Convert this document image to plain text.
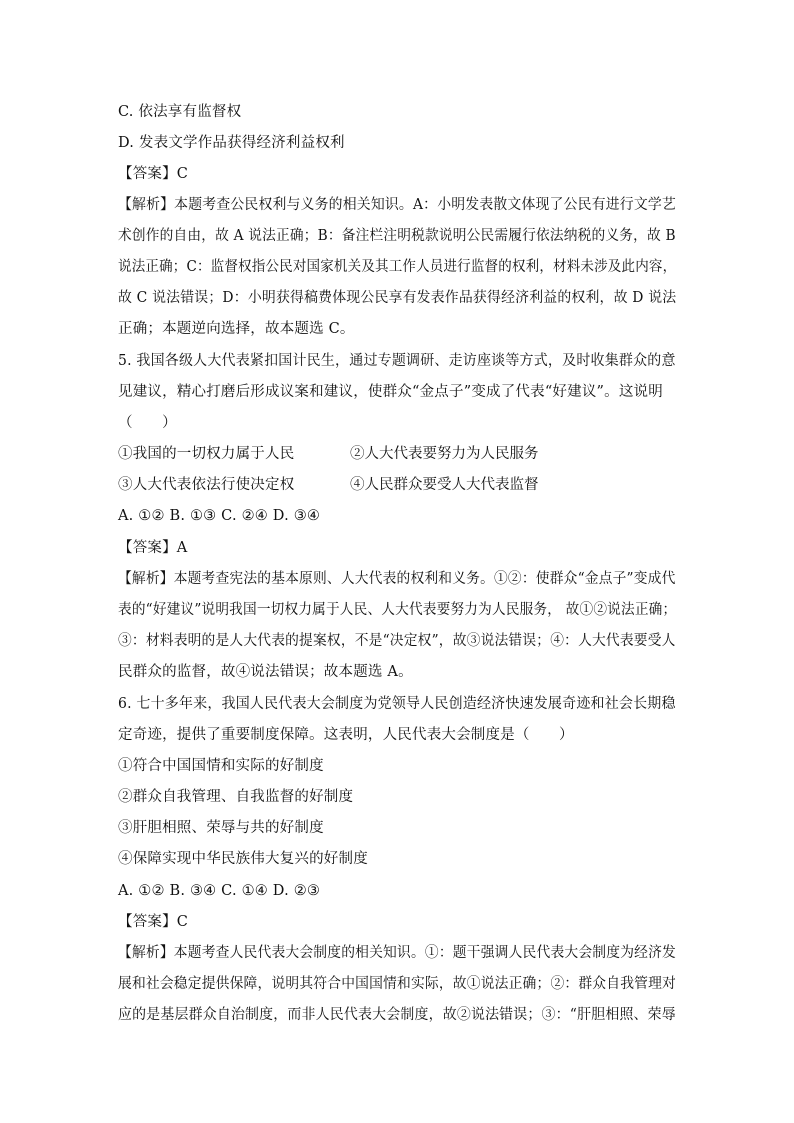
C. 依法享有监督权
D. 发表文学作品获得经济利益权利
【答案】C
【解析】本题考查公民权利与义务的相关知识。A：小明发表散文体现了公民有进行文学艺
术创作的自由，故 A 说法正确；B：备注栏注明税款说明公民需履行依法纳税的义务，故 B
说法正确；C：监督权指公民对国家机关及其工作人员进行监督的权利，材料未涉及此内容，
故 C 说法错误；D：小明获得稿费体现公民享有发表作品获得经济利益的权利，故 D 说法
正确；本题逆向选择，故本题选 C。
5. 我国各级人大代表紧扣国计民生，通过专题调研、走访座谈等方式，及时收集群众的意
见建议，精心打磨后形成议案和建议，使群众“金点子”变成了代表“好建议”。这说明
（　　）
①我国的一切权力属于人民	②人大代表要努力为人民服务
③人大代表依法行使决定权	④人民群众要受人大代表监督
A. ①② B. ①③ C. ②④ D. ③④
【答案】A
【解析】本题考查宪法的基本原则、人大代表的权利和义务。①②：使群众“金点子”变成代
表的“好建议”说明我国一切权力属于人民、人大代表要努力为人民服务， 故①②说法正确；
③：材料表明的是人大代表的提案权，不是“决定权”，故③说法错误；④：人大代表要受人
民群众的监督，故④说法错误；故本题选 A。
6. 七十多年来，我国人民代表大会制度为党领导人民创造经济快速发展奇迹和社会长期稳
定奇迹，提供了重要制度保障。这表明，人民代表大会制度是（　　）
①符合中国国情和实际的好制度
②群众自我管理、自我监督的好制度
③肝胆相照、荣辱与共的好制度
④保障实现中华民族伟大复兴的好制度
A. ①② B. ③④ C. ①④ D. ②③
【答案】C
【解析】本题考查人民代表大会制度的相关知识。①：题干强调人民代表大会制度为经济发
展和社会稳定提供保障，说明其符合中国国情和实际，故①说法正确；②：群众自我管理对
应的是基层群众自治制度，而非人民代表大会制度，故②说法错误；③：“肝胆相照、荣辱
